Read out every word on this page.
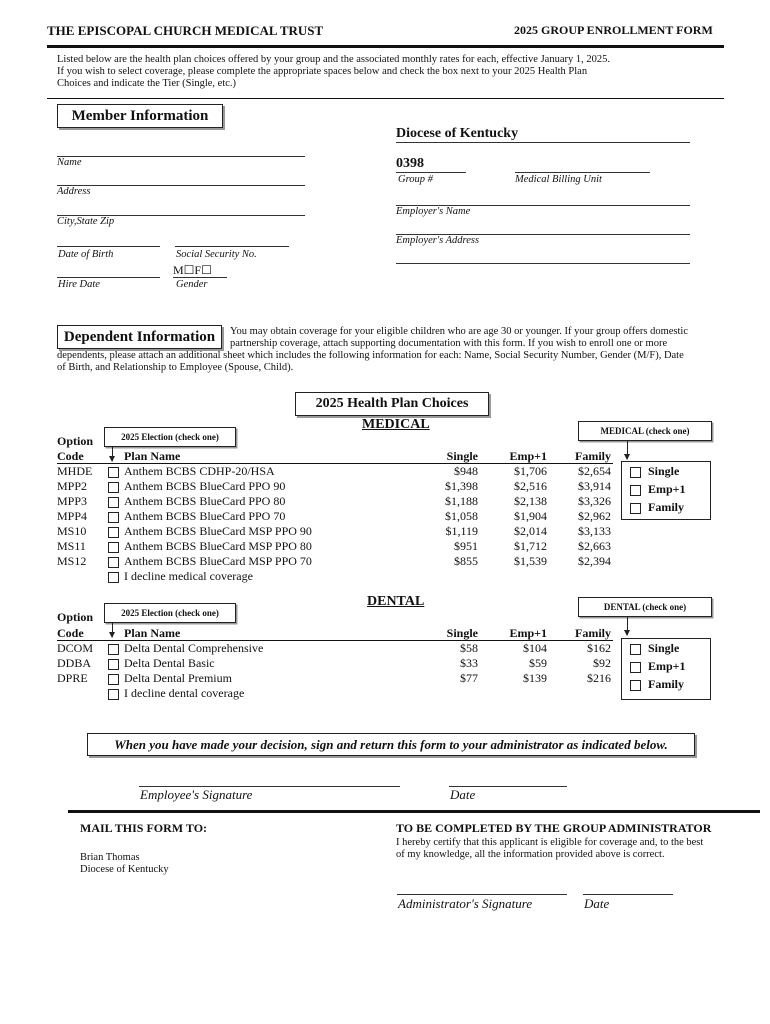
THE EPISCOPAL CHURCH MEDICAL TRUST	2025 GROUP ENROLLMENT FORM
Listed below are the health plan choices offered by your group and the associated monthly rates for each, effective January 1, 2025.
If you wish to select coverage, please complete the appropriate spaces below and check the box next to your 2025 Health Plan
Choices and indicate the Tier (Single, etc.)
Member Information
Name
Address
City,State Zip
Date of Birth	Social Security No.
M☐F☐
Hire Date	Gender
Diocese of Kentucky
0398
Group #	Medical Billing Unit
Employer's Name
Employer's Address
Dependent Information	You may obtain coverage for your eligible children who are age 30 or younger. If your group offers domestic
partnership coverage, attach supporting documentation with this form. If you wish to enroll one or more
dependents, please attach an additional sheet which includes the following information for each: Name, Social Security Number, Gender (M/F), Date
of Birth, and Relationship to Employee (Spouse, Child).
2025 Health Plan Choices
MEDICAL
2025 Election (check one)
MEDICAL (check one)
Option
Code	Plan Name	Single	Emp+1	Family
MHDE		Anthem BCBS CDHP-20/HSA	$948	$1,706	$2,654
MPP2		Anthem BCBS BlueCard PPO 90	$1,398	$2,516	$3,914
MPP3		Anthem BCBS BlueCard PPO 80	$1,188	$2,138	$3,326
MPP4		Anthem BCBS BlueCard PPO 70	$1,058	$1,904	$2,962
MS10		Anthem BCBS BlueCard MSP PPO 90	$1,119	$2,014	$3,133
MS11		Anthem BCBS BlueCard MSP PPO 80	$951	$1,712	$2,663
MS12		Anthem BCBS BlueCard MSP PPO 70	$855	$1,539	$2,394
		I decline medical coverage			
Single
Emp+1
Family
DENTAL
2025 Election (check one)
DENTAL (check one)
Option
Code	Plan Name	Single	Emp+1	Family
DCOM		Delta Dental Comprehensive	$58	$104	$162
DDBA		Delta Dental Basic	$33	$59	$92
DPRE		Delta Dental Premium	$77	$139	$216
		I decline dental coverage			
Single
Emp+1
Family
When you have made your decision, sign and return this form to your administrator as indicated below.
Employee's Signature	Date
MAIL THIS FORM TO:
Brian Thomas
Diocese of Kentucky
TO BE COMPLETED BY THE GROUP ADMINISTRATOR
I hereby certify that this applicant is eligible for coverage and, to the best
of my knowledge, all the information provided above is correct.
Administrator's Signature	Date
